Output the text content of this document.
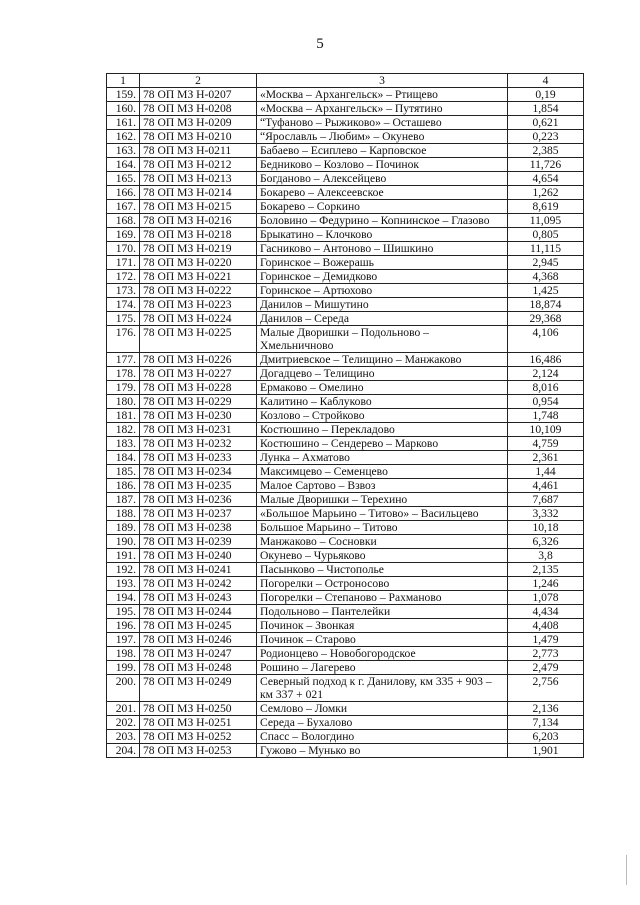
5
1	2	3	4
159.	78 ОП МЗ Н-0207	«Москва – Архангельск» – Ртищево	0,19
160.	78 ОП МЗ Н-0208	«Москва – Архангельск» – Путятино	1,854
161.	78 ОП МЗ Н-0209	“Туфаново – Рыжиково» – Осташево	0,621
162.	78 ОП МЗ Н-0210	“Ярославль – Любим» – Окунево	0,223
163.	78 ОП МЗ Н-0211	Бабаево – Есиплево – Карповское	2,385
164.	78 ОП МЗ Н-0212	Бедниково – Козлово – Починок	11,726
165.	78 ОП МЗ Н-0213	Богданово – Алексейцево	4,654
166.	78 ОП МЗ Н-0214	Бокарево – Алексеевское	1,262
167.	78 ОП МЗ Н-0215	Бокарево – Соркино	8,619
168.	78 ОП МЗ Н-0216	Боловино – Федурино – Копнинское – Глазово	11,095
169.	78 ОП МЗ Н-0218	Брыкатино – Клочково	0,805
170.	78 ОП МЗ Н-0219	Гасниково – Антоново – Шишкино	11,115
171.	78 ОП МЗ Н-0220	Горинское – Вожерашь	2,945
172.	78 ОП МЗ Н-0221	Горинское – Демидково	4,368
173.	78 ОП МЗ Н-0222	Горинское – Артюхово	1,425
174.	78 ОП МЗ Н-0223	Данилов – Мишутино	18,874
175.	78 ОП МЗ Н-0224	Данилов – Середа	29,368
176.	78 ОП МЗ Н-0225	Малые Дворишки – Подольново – Хмельничново	4,106
177.	78 ОП МЗ Н-0226	Дмитриевское – Телищино – Манжаково	16,486
178.	78 ОП МЗ Н-0227	Догадцево – Телищино	2,124
179.	78 ОП МЗ Н-0228	Ермаково – Омелино	8,016
180.	78 ОП МЗ Н-0229	Калитино – Каблуково	0,954
181.	78 ОП МЗ Н-0230	Козлово – Стройково	1,748
182.	78 ОП МЗ Н-0231	Костюшино – Перекладово	10,109
183.	78 ОП МЗ Н-0232	Костюшино – Сендерево – Марково	4,759
184.	78 ОП МЗ Н-0233	Лунка – Ахматово	2,361
185.	78 ОП МЗ Н-0234	Максимцево – Семенцево	1,44
186.	78 ОП МЗ Н-0235	Малое Сартово – Взвоз	4,461
187.	78 ОП МЗ Н-0236	Малые Дворишки – Терехино	7,687
188.	78 ОП МЗ Н-0237	«Большое Марьино – Титово» – Васильцево	3,332
189.	78 ОП МЗ Н-0238	Большое Марьино – Титово	10,18
190.	78 ОП МЗ Н-0239	Манжаково – Сосновки	6,326
191.	78 ОП МЗ Н-0240	Окунево – Чурьяково	3,8
192.	78 ОП МЗ Н-0241	Пасынково – Чистополье	2,135
193.	78 ОП МЗ Н-0242	Погорелки – Остроносово	1,246
194.	78 ОП МЗ Н-0243	Погорелки – Степаново – Рахманово	1,078
195.	78 ОП МЗ Н-0244	Подольново – Пантелейки	4,434
196.	78 ОП МЗ Н-0245	Починок – Звонкая	4,408
197.	78 ОП МЗ Н-0246	Починок – Старово	1,479
198.	78 ОП МЗ Н-0247	Родионцево – Новобогородское	2,773
199.	78 ОП МЗ Н-0248	Рошино – Лагерево	2,479
200.	78 ОП МЗ Н-0249	Северный подход к г. Данилову, км 335 + 903 – км 337 + 021	2,756
201.	78 ОП МЗ Н-0250	Семлово – Ломки	2,136
202.	78 ОП МЗ Н-0251	Середа – Бухалово	7,134
203.	78 ОП МЗ Н-0252	Спасс – Вологдино	6,203
204.	78 ОП МЗ Н-0253	Гужово – Мунько во	1,901
